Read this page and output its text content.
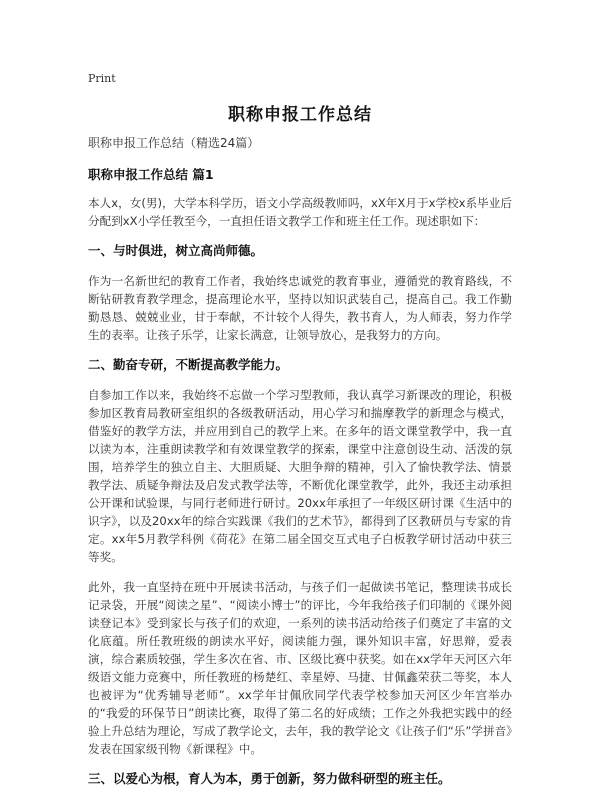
Print
职称申报工作总结
职称申报工作总结（精选24篇）
职称申报工作总结 篇1

本人x，女(男)，大学本科学历，语文小学高级教师吗，xX年X月于x学校x系毕业后分配到xX小学任教至今，一直担任语文教学工作和班主任工作。现述职如下：

一、与时俱进，树立高尚师德。

作为一名新世纪的教育工作者，我始终忠诚党的教育事业，遵循党的教育路线，不断钻研教育教学理念，提高理论水平，坚持以知识武装自己，提高自己。我工作勤勤恳恳、兢兢业业，甘于奉献，不计较个人得失，教书育人，为人师表，努力作学生的表率。让孩子乐学，让家长满意，让领导放心，是我努力的方向。

二、勤奋专研，不断提高教学能力。

自参加工作以来，我始终不忘做一个学习型教师，我认真学习新课改的理论，积极参加区教育局教研室组织的各级教研活动，用心学习和揣摩教学的新理念与模式，借鉴好的教学方法，并应用到自己的教学上来。在多年的语文课堂教学中，我一直以读为本，注重朗读教学和有效课堂教学的探索，课堂中注意创设生动、活泼的氛围，培养学生的独立自主、大胆质疑、大胆争辩的精神，引入了愉快教学法、情景教学法、质疑争辩法及启发式教学法等，不断优化课堂教学，此外，我还主动承担公开课和试验课，与同行老师进行研讨。20xx年承担了一年级区研讨课《生活中的识字》，以及20xx年的综合实践课《我们的艺术节》，都得到了区教研员与专家的肯定。xx年5月教学科例《荷花》在第二届全国交互式电子白板教学研讨活动中获三等奖。

此外，我一直坚持在班中开展读书活动，与孩子们一起做读书笔记，整理读书成长记录袋，开展“阅读之星”、“阅读小博士”的评比，今年我给孩子们印制的《课外阅读登记本》受到家长与孩子们的欢迎，一系列的读书活动给孩子们奠定了丰富的文化底蕴。所任教班级的朗读水平好，阅读能力强，课外知识丰富，好思辩，爱表演，综合素质较强，学生多次在省、市、区级比赛中获奖。如在xx学年天河区六年级语文能力竞赛中，所任教班的杨楚红、幸星婷、马捷、甘佩鑫荣获二等奖，本人也被评为“优秀辅导老师”。xx学年甘佩欣同学代表学校参加天河区少年宫举办的“我爱的环保节日”朗读比赛，取得了第二名的好成绩；工作之外我把实践中的经验上升总结为理论，写成了教学论文，去年，我的教学论文《让孩子们“乐”学拼音》发表在国家级刊物《新课程》中。

三、以爱心为根，育人为本，勇于创新，努力做科研型的班主任。
